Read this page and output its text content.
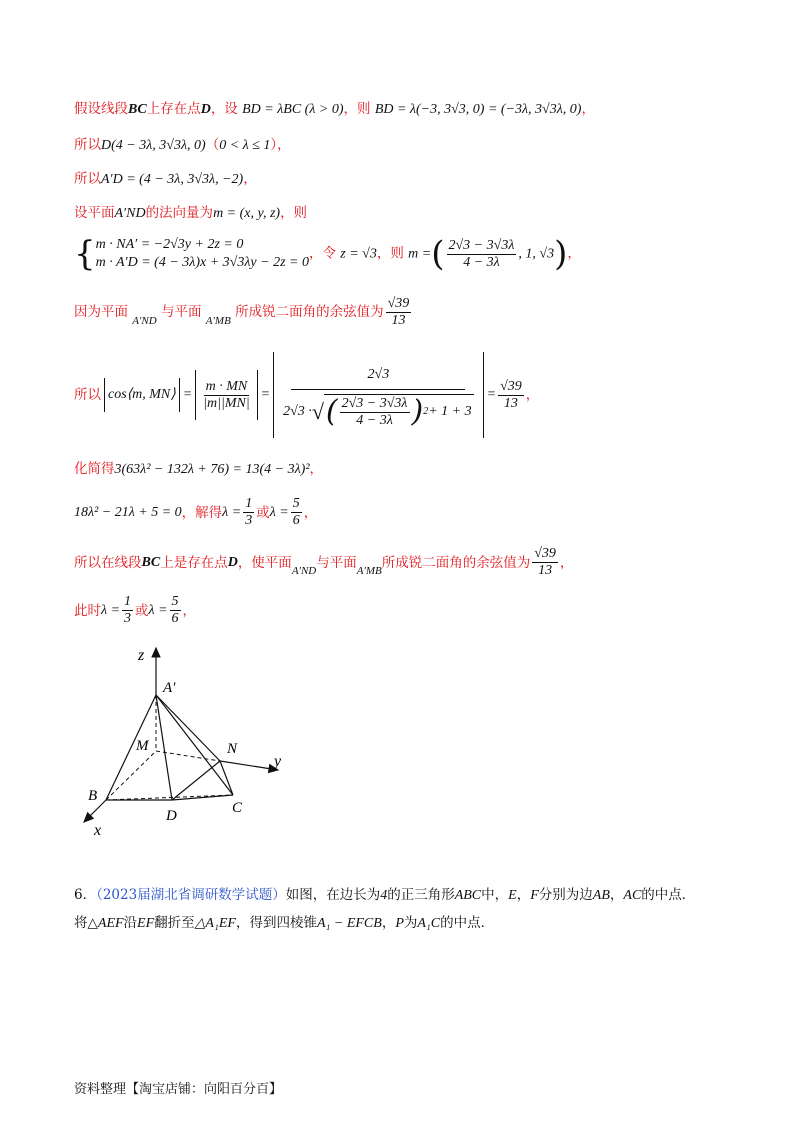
假设线段BC上存在点D，设 BD = λBC (λ > 0)，则 BD = λ(−3, 3√3, 0) = (−3λ, 3√3λ, 0)，
所以D(4 − 3λ, 3√3λ, 0)（0 < λ ≤ 1），
所以A′D = (4 − 3λ, 3√3λ, −2)，
设平面A′ND的法向量为m = (x, y, z)，则
{ m · NA′ = −2√3y + 2z = 0
m · A′D = (4 − 3λ)x + 3√3λy − 2z = 0
，令 z = √3，则 m =( $\frac{2√3 - 3√3\lambda}{4 - 3\lambda}$ , 1, √3)，
因为平面 $_{A'ND}$ 与平面 $_{A'MB}$ 所成锐二面角的余弦值为 $\frac{√39}{13}$
所以 cos⟨m, MN⟩ = $\frac{m \cdot MN}{|m||MN|}$ =
2√3
2√3 · √ ( $\frac{2√3 - 3√3\lambda}{4 - 3\lambda}$ ) 2 + 1 + 3
= $\frac{√39}{13}$ ，
化简得3(63λ² − 132λ + 76) = 13(4 − 3λ)²，
18λ² − 21λ + 5 = 0 ，解得 $\lambda = \frac{1}{3}$ 或 $\lambda = \frac{5}{6}$ ，
所以在线段 BC 上是存在点 D ，使平面 A′ND 与平面 A′MB 所成锐二面角的余弦值为 $\frac{√39}{13}$ ，
此时 $\lambda = \frac{1}{3}$ 或 $\lambda = \frac{5}{6}$ ，
z
A′
M	N
y
B
D	C
x
6．（2023届湖北省调研数学试题）如图，在边长为4的正三角形ABC中，E，F分别为边AB，AC的中点．
将△AEF沿EF翻折至△A₁EF，得到四棱锥A₁ − EFCB，P为A₁C的中点．
资料整理【淘宝店铺：向阳百分百】
